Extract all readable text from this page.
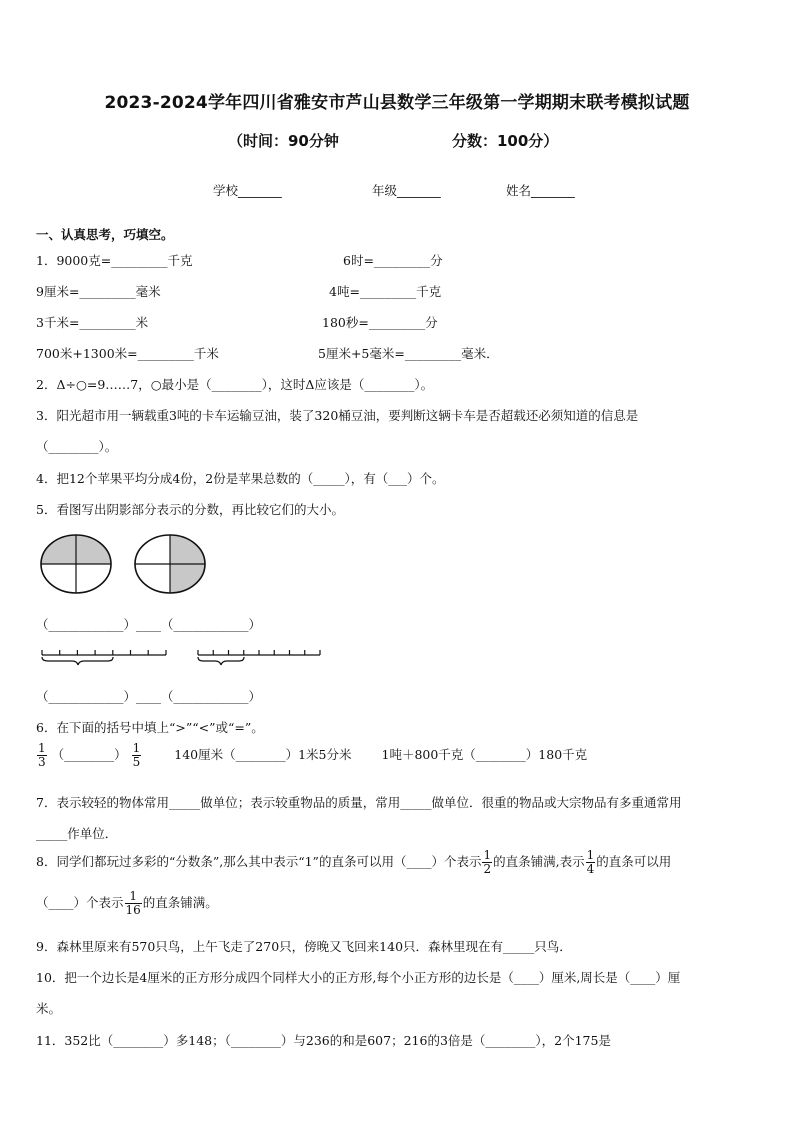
2023-2024学年四川省雅安市芦山县数学三年级第一学期期末联考模拟试题
（时间：90分钟	分数：100分）
学校_______	年级_______	姓名_______
一、认真思考，巧填空。
1．9000克=_________千克	6时=_________分
9厘米=_________毫米	4吨=_________千克
3千米=_________米	180秒=_________分
700米+1300米=_________千米	5厘米+5毫米=_________毫米．
2．Δ÷○=9……7，○最小是（________），这时Δ应该是（________）。
3．阳光超市用一辆载重3吨的卡车运输豆油，装了320桶豆油，要判断这辆卡车是否超载还必须知道的信息是
（________）。
4．把12个苹果平均分成4份，2份是苹果总数的（_____），有（___）个。
5．看图写出阴影部分表示的分数，再比较它们的大小。
（____________）____（____________）
（____________）____（____________）
6．在下面的括号中填上“>”“<”或“=”。
$\frac{1}{3}$ （________） $\frac{1}{5}$	140厘米（________）1米5分米 1吨＋800千克（________）180千克
7．表示较轻的物体常用_____做单位；表示较重物品的质量，常用_____做单位．很重的物品或大宗物品有多重通常用
_____作单位．
8．同学们都玩过多彩的“分数条”,那么其中表示“1”的直条可以用（____）个表示 $\frac{1}{2}$ 的直条铺满,表示 $\frac{1}{4}$ 的直条可以用
（____）个表示 $\frac{1}{16}$ 的直条铺满。
9．森林里原来有570只鸟，上午飞走了270只，傍晚又飞回来140只．森林里现在有_____只鸟．
10．把一个边长是4厘米的正方形分成四个同样大小的正方形,每个小正方形的边长是（____）厘米,周长是（____）厘
米。
11．352比（________）多148；（________）与236的和是607；216的3倍是（________），2个175是
